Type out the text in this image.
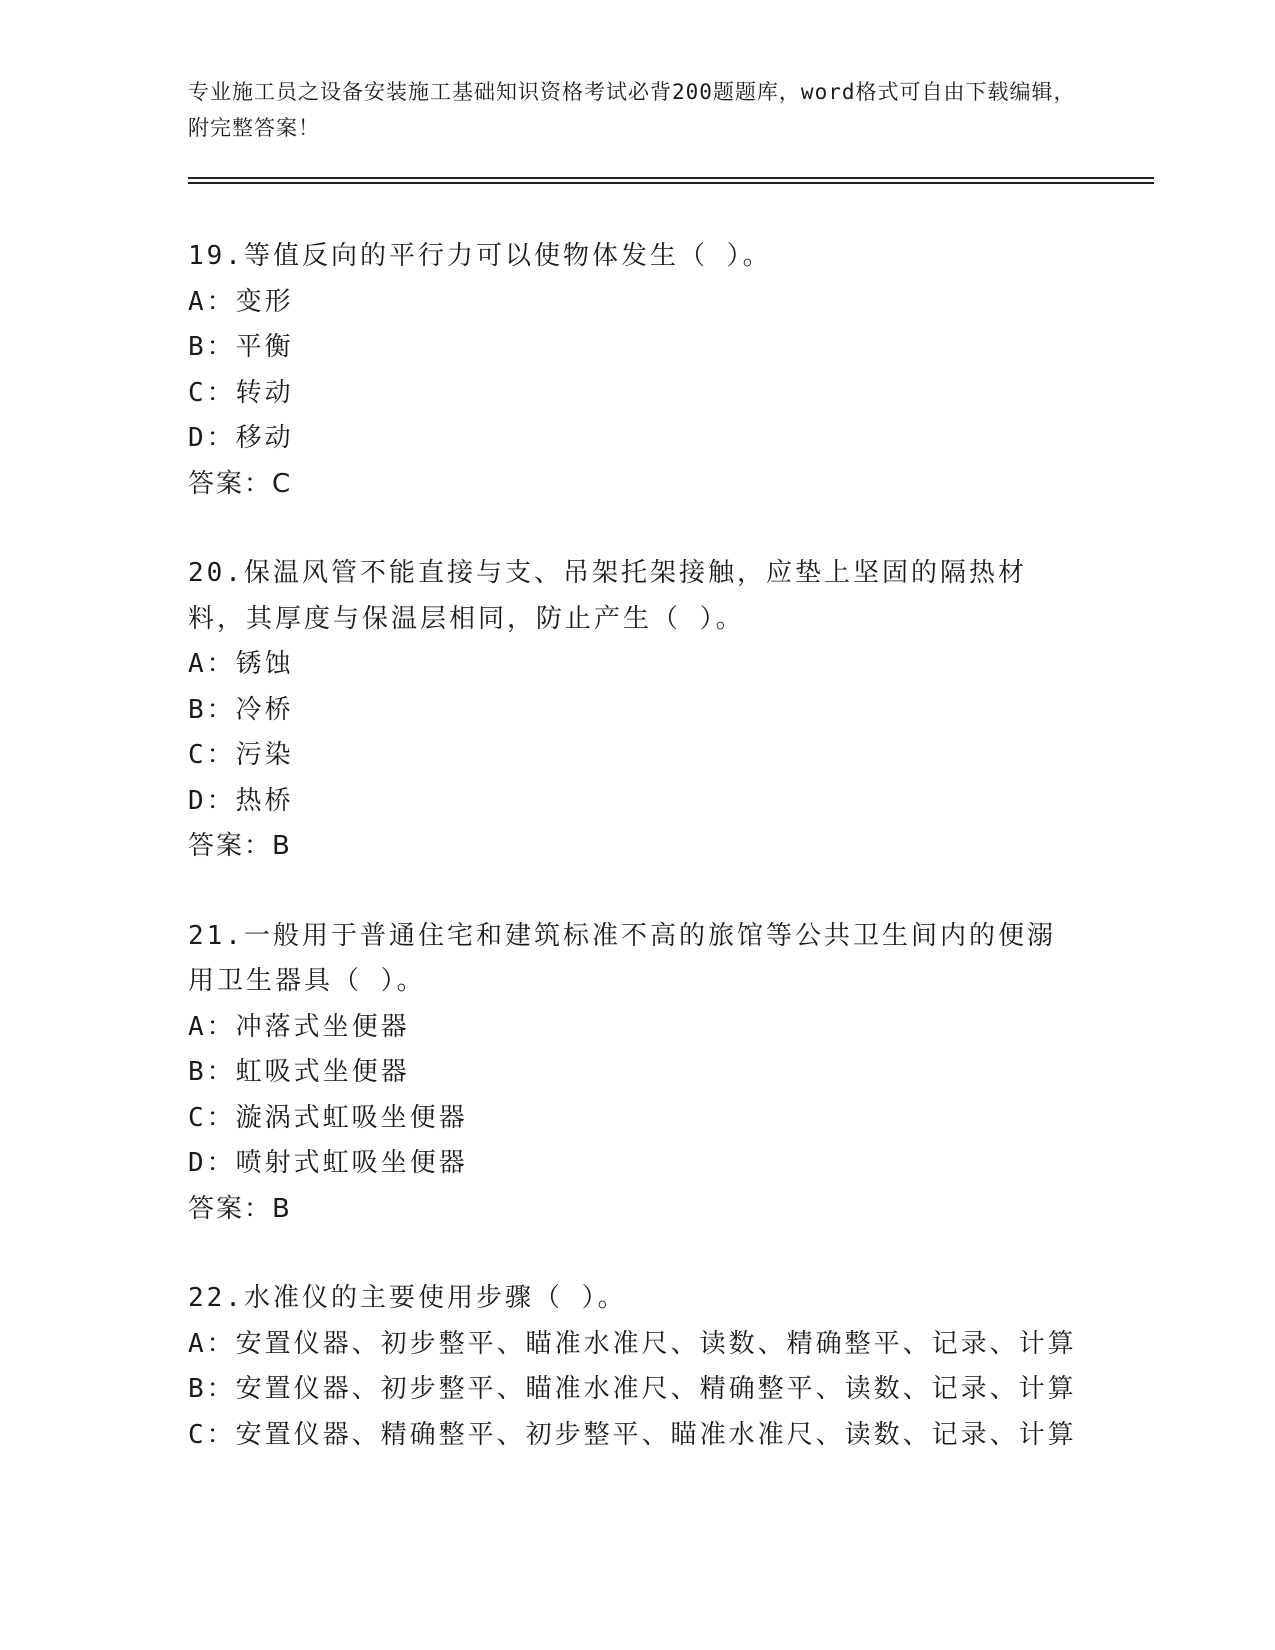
专业施工员之设备安装施工基础知识资格考试必背200题题库，word格式可自由下载编辑，附完整答案！
19.等值反向的平行力可以使物体发生（ ）。
A：变形
B：平衡
C：转动
D：移动
答案：C
20.保温风管不能直接与支、吊架托架接触，应垫上坚固的隔热材料，其厚度与保温层相同，防止产生（ ）。
A：锈蚀
B：冷桥
C：污染
D：热桥
答案：B
21.一般用于普通住宅和建筑标准不高的旅馆等公共卫生间内的便溺用卫生器具（ ）。
A：冲落式坐便器
B：虹吸式坐便器
C：漩涡式虹吸坐便器
D：喷射式虹吸坐便器
答案：B
22.水准仪的主要使用步骤（ ）。
A：安置仪器、初步整平、瞄准水准尺、读数、精确整平、记录、计算
B：安置仪器、初步整平、瞄准水准尺、精确整平、读数、记录、计算
C：安置仪器、精确整平、初步整平、瞄准水准尺、读数、记录、计算
